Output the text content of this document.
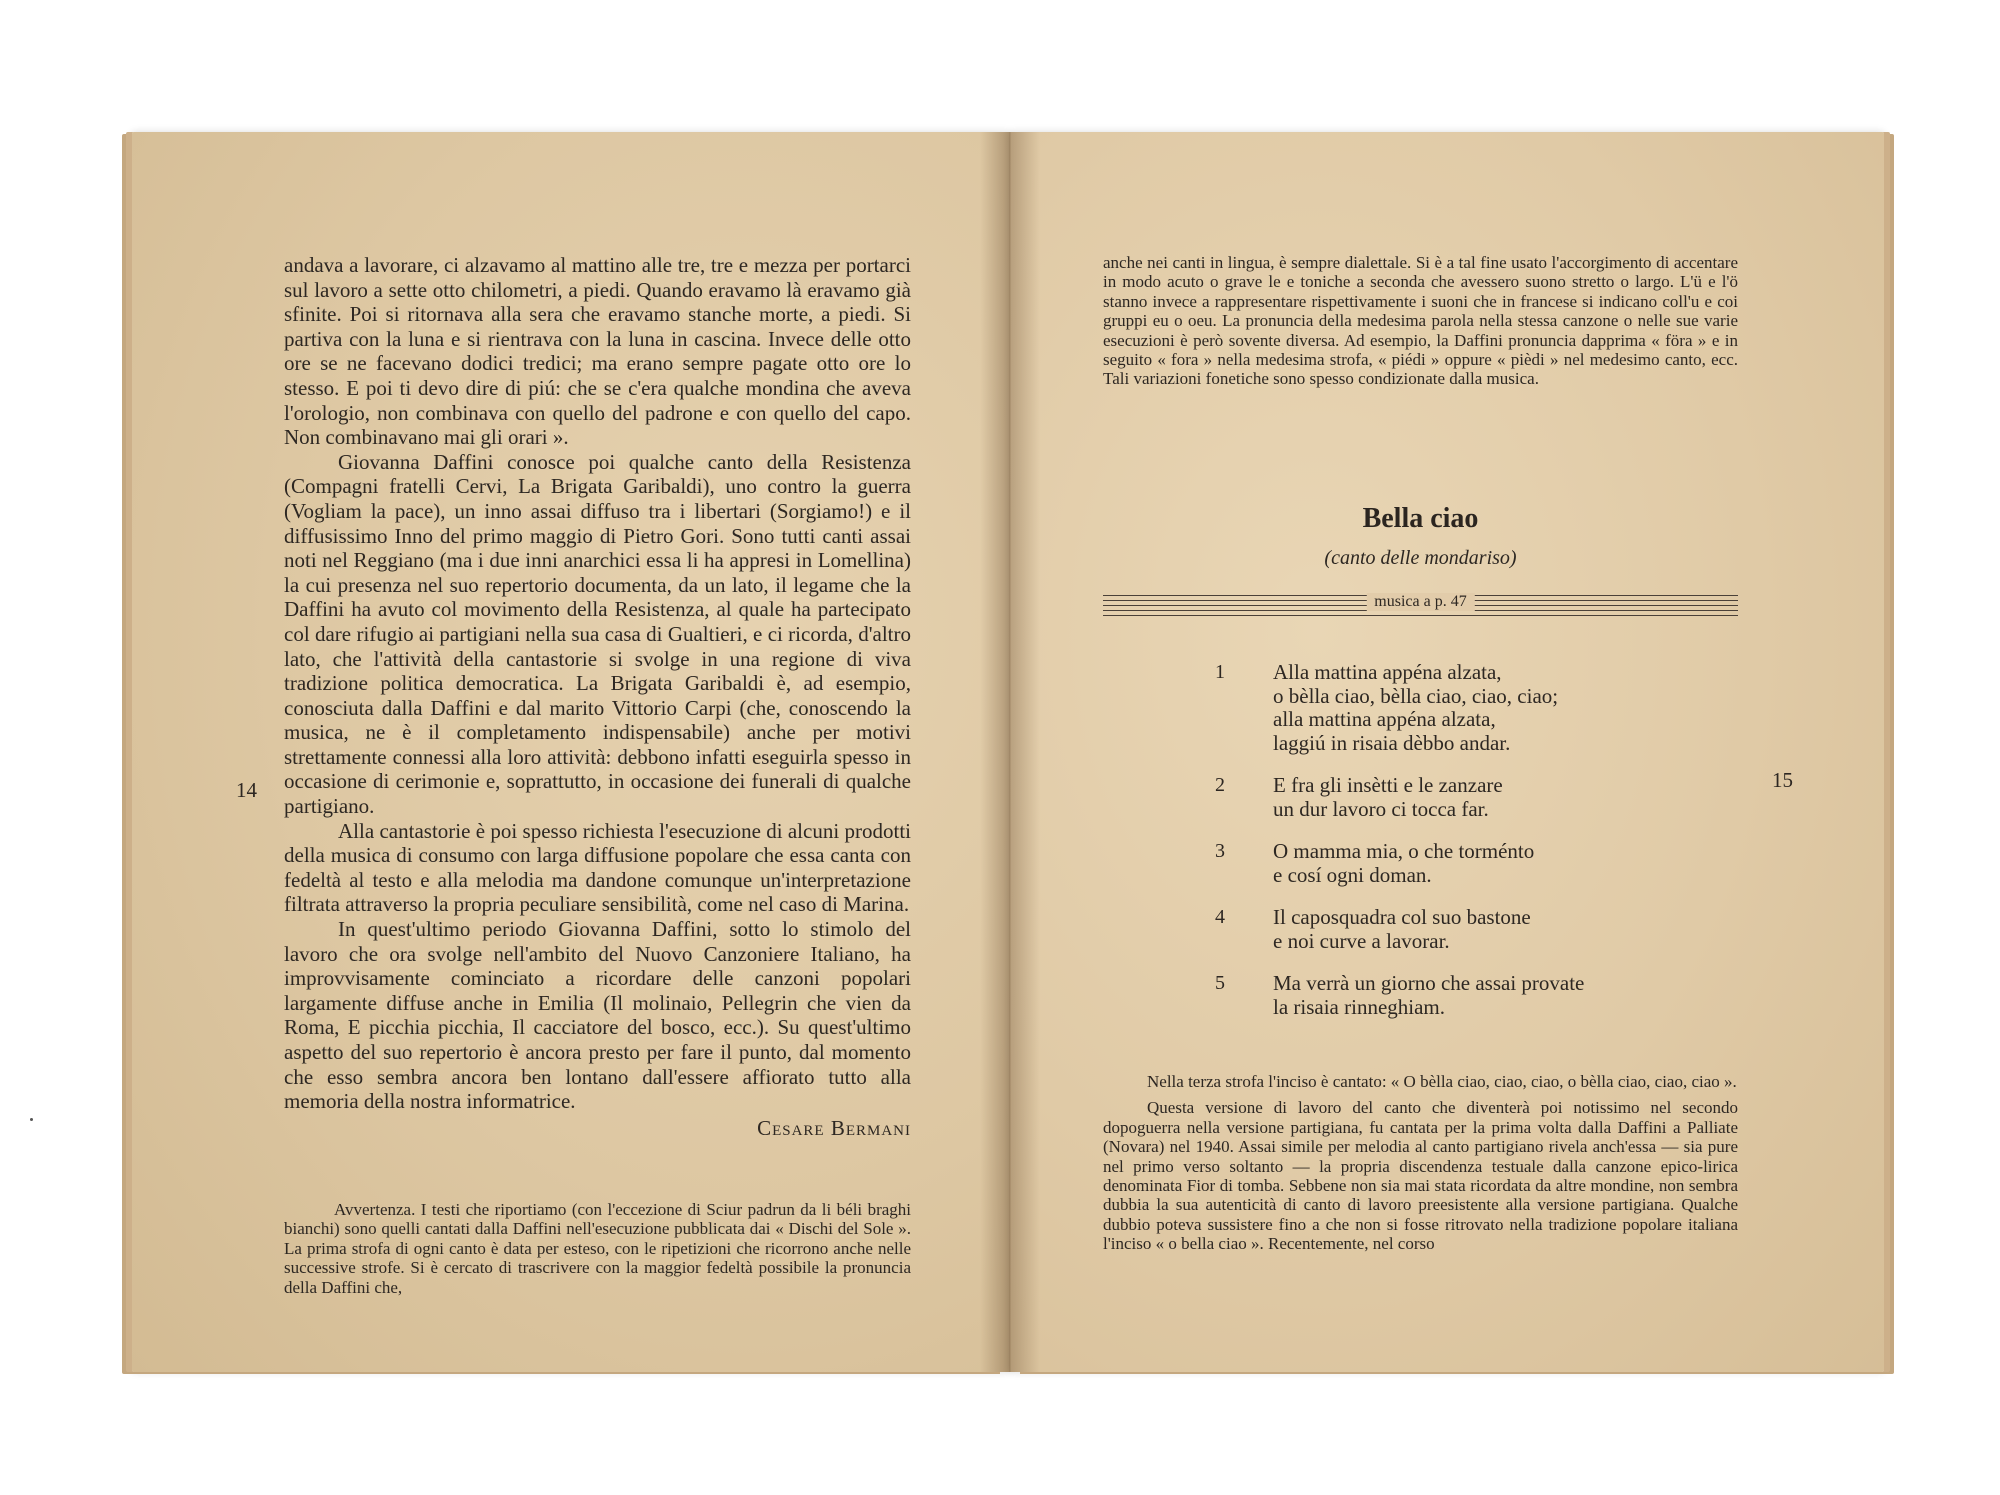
andava a lavorare, ci alzavamo al mattino alle tre, tre e mezza per portarci sul lavoro a sette otto chilometri, a piedi. Quando eravamo là eravamo già sfinite. Poi si ritornava alla sera che eravamo stanche morte, a piedi. Si partiva con la luna e si rientrava con la luna in cascina. Invece delle otto ore se ne facevano dodici tredici; ma erano sempre pagate otto ore lo stesso. E poi ti devo dire di piú: che se c'era qualche mondina che aveva l'orologio, non combinava con quello del padrone e con quello del capo. Non combinavano mai gli orari ».

Giovanna Daffini conosce poi qualche canto della Resistenza (Compagni fratelli Cervi, La Brigata Garibaldi), uno contro la guerra (Vogliam la pace), un inno assai diffuso tra i libertari (Sorgiamo!) e il diffusissimo Inno del primo maggio di Pietro Gori. Sono tutti canti assai noti nel Reggiano (ma i due inni anarchici essa li ha appresi in Lomellina) la cui presenza nel suo repertorio documenta, da un lato, il legame che la Daffini ha avuto col movimento della Resistenza, al quale ha partecipato col dare rifugio ai partigiani nella sua casa di Gualtieri, e ci ricorda, d'altro lato, che l'attività della cantastorie si svolge in una regione di viva tradizione politica democratica. La Brigata Garibaldi è, ad esempio, conosciuta dalla Daffini e dal marito Vittorio Carpi (che, conoscendo la musica, ne è il completamento indispensabile) anche per motivi strettamente connessi alla loro attività: debbono infatti eseguirla spesso in occasione di cerimonie e, soprattutto, in occasione dei funerali di qualche partigiano.

Alla cantastorie è poi spesso richiesta l'esecuzione di alcuni prodotti della musica di consumo con larga diffusione popolare che essa canta con fedeltà al testo e alla melodia ma dandone comunque un'interpretazione filtrata attraverso la propria peculiare sensibilità, come nel caso di Marina.

In quest'ultimo periodo Giovanna Daffini, sotto lo stimolo del lavoro che ora svolge nell'ambito del Nuovo Canzoniere Italiano, ha improvvisamente cominciato a ricordare delle canzoni popolari largamente diffuse anche in Emilia (Il molinaio, Pellegrin che vien da Roma, E picchia picchia, Il cacciatore del bosco, ecc.). Su quest'ultimo aspetto del suo repertorio è ancora presto per fare il punto, dal momento che esso sembra ancora ben lontano dall'essere affiorato tutto alla memoria della nostra informatrice.

Cesare Bermani

Avvertenza. I testi che riportiamo (con l'eccezione di Sciur padrun da li béli braghi bianchi) sono quelli cantati dalla Daffini nell'esecuzione pubblicata dai « Dischi del Sole ». La prima strofa di ogni canto è data per esteso, con le ripetizioni che ricorrono anche nelle successive strofe. Si è cercato di trascrivere con la maggior fedeltà possibile la pronuncia della Daffini che,
14
anche nei canti in lingua, è sempre dialettale. Si è a tal fine usato l'accorgimento di accentare in modo acuto o grave le e toniche a seconda che avessero suono stretto o largo. L'ü e l'ö stanno invece a rappresentare rispettivamente i suoni che in francese si indicano coll'u e coi gruppi eu o oeu. La pronuncia della medesima parola nella stessa canzone o nelle sue varie esecuzioni è però sovente diversa. Ad esempio, la Daffini pronuncia dapprima « föra » e in seguito « fora » nella medesima strofa, « piédi » oppure « pièdi » nel medesimo canto, ecc. Tali variazioni fonetiche sono spesso condizionate dalla musica.
Bella ciao
(canto delle mondariso)
musica a p. 47
1 Alla mattina appéna alzata,
o bèlla ciao, bèlla ciao, ciao, ciao;
alla mattina appéna alzata,
laggiú in risaia dèbbo andar.
2 E fra gli insètti e le zanzare
un dur lavoro ci tocca far.
3 O mamma mia, o che torménto
e cosí ogni doman.
4 Il caposquadra col suo bastone
e noi curve a lavorar.
5 Ma verrà un giorno che assai provate
la risaia rinneghiam.

Nella terza strofa l'inciso è cantato: « O bèlla ciao, ciao, ciao, o bèlla ciao, ciao, ciao ».

Questa versione di lavoro del canto che diventerà poi notissimo nel secondo dopoguerra nella versione partigiana, fu cantata per la prima volta dalla Daffini a Palliate (Novara) nel 1940. Assai simile per melodia al canto partigiano rivela anch'essa — sia pure nel primo verso soltanto — la propria discendenza testuale dalla canzone epico-lirica denominata Fior di tomba. Sebbene non sia mai stata ricordata da altre mondine, non sembra dubbia la sua autenticità di canto di lavoro preesistente alla versione partigiana. Qualche dubbio poteva sussistere fino a che non si fosse ritrovato nella tradizione popolare italiana l'inciso « o bella ciao ». Recentemente, nel corso

15
